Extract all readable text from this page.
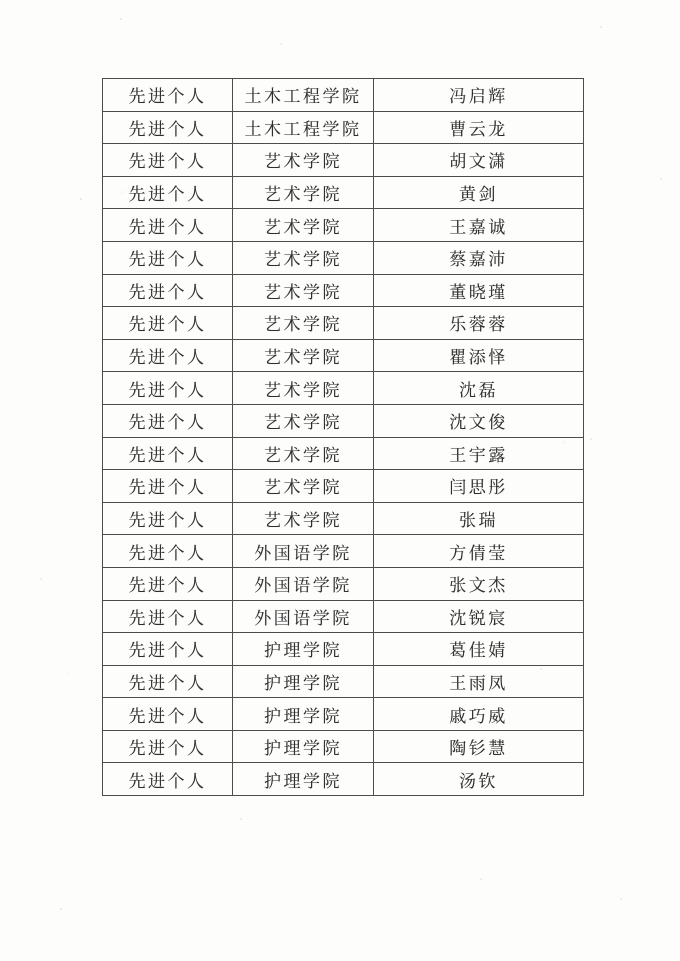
先进个人	土木工程学院	冯启辉
先进个人	土木工程学院	曹云龙
先进个人	艺术学院	胡文潇
先进个人	艺术学院	黄剑
先进个人	艺术学院	王嘉诚
先进个人	艺术学院	蔡嘉沛
先进个人	艺术学院	董晓瑾
先进个人	艺术学院	乐蓉蓉
先进个人	艺术学院	瞿添怿
先进个人	艺术学院	沈磊
先进个人	艺术学院	沈文俊
先进个人	艺术学院	王宇露
先进个人	艺术学院	闫思彤
先进个人	艺术学院	张瑞
先进个人	外国语学院	方倩莹
先进个人	外国语学院	张文杰
先进个人	外国语学院	沈锐宸
先进个人	护理学院	葛佳婧
先进个人	护理学院	王雨凤
先进个人	护理学院	戚巧威
先进个人	护理学院	陶钐慧
先进个人	护理学院	汤钦
